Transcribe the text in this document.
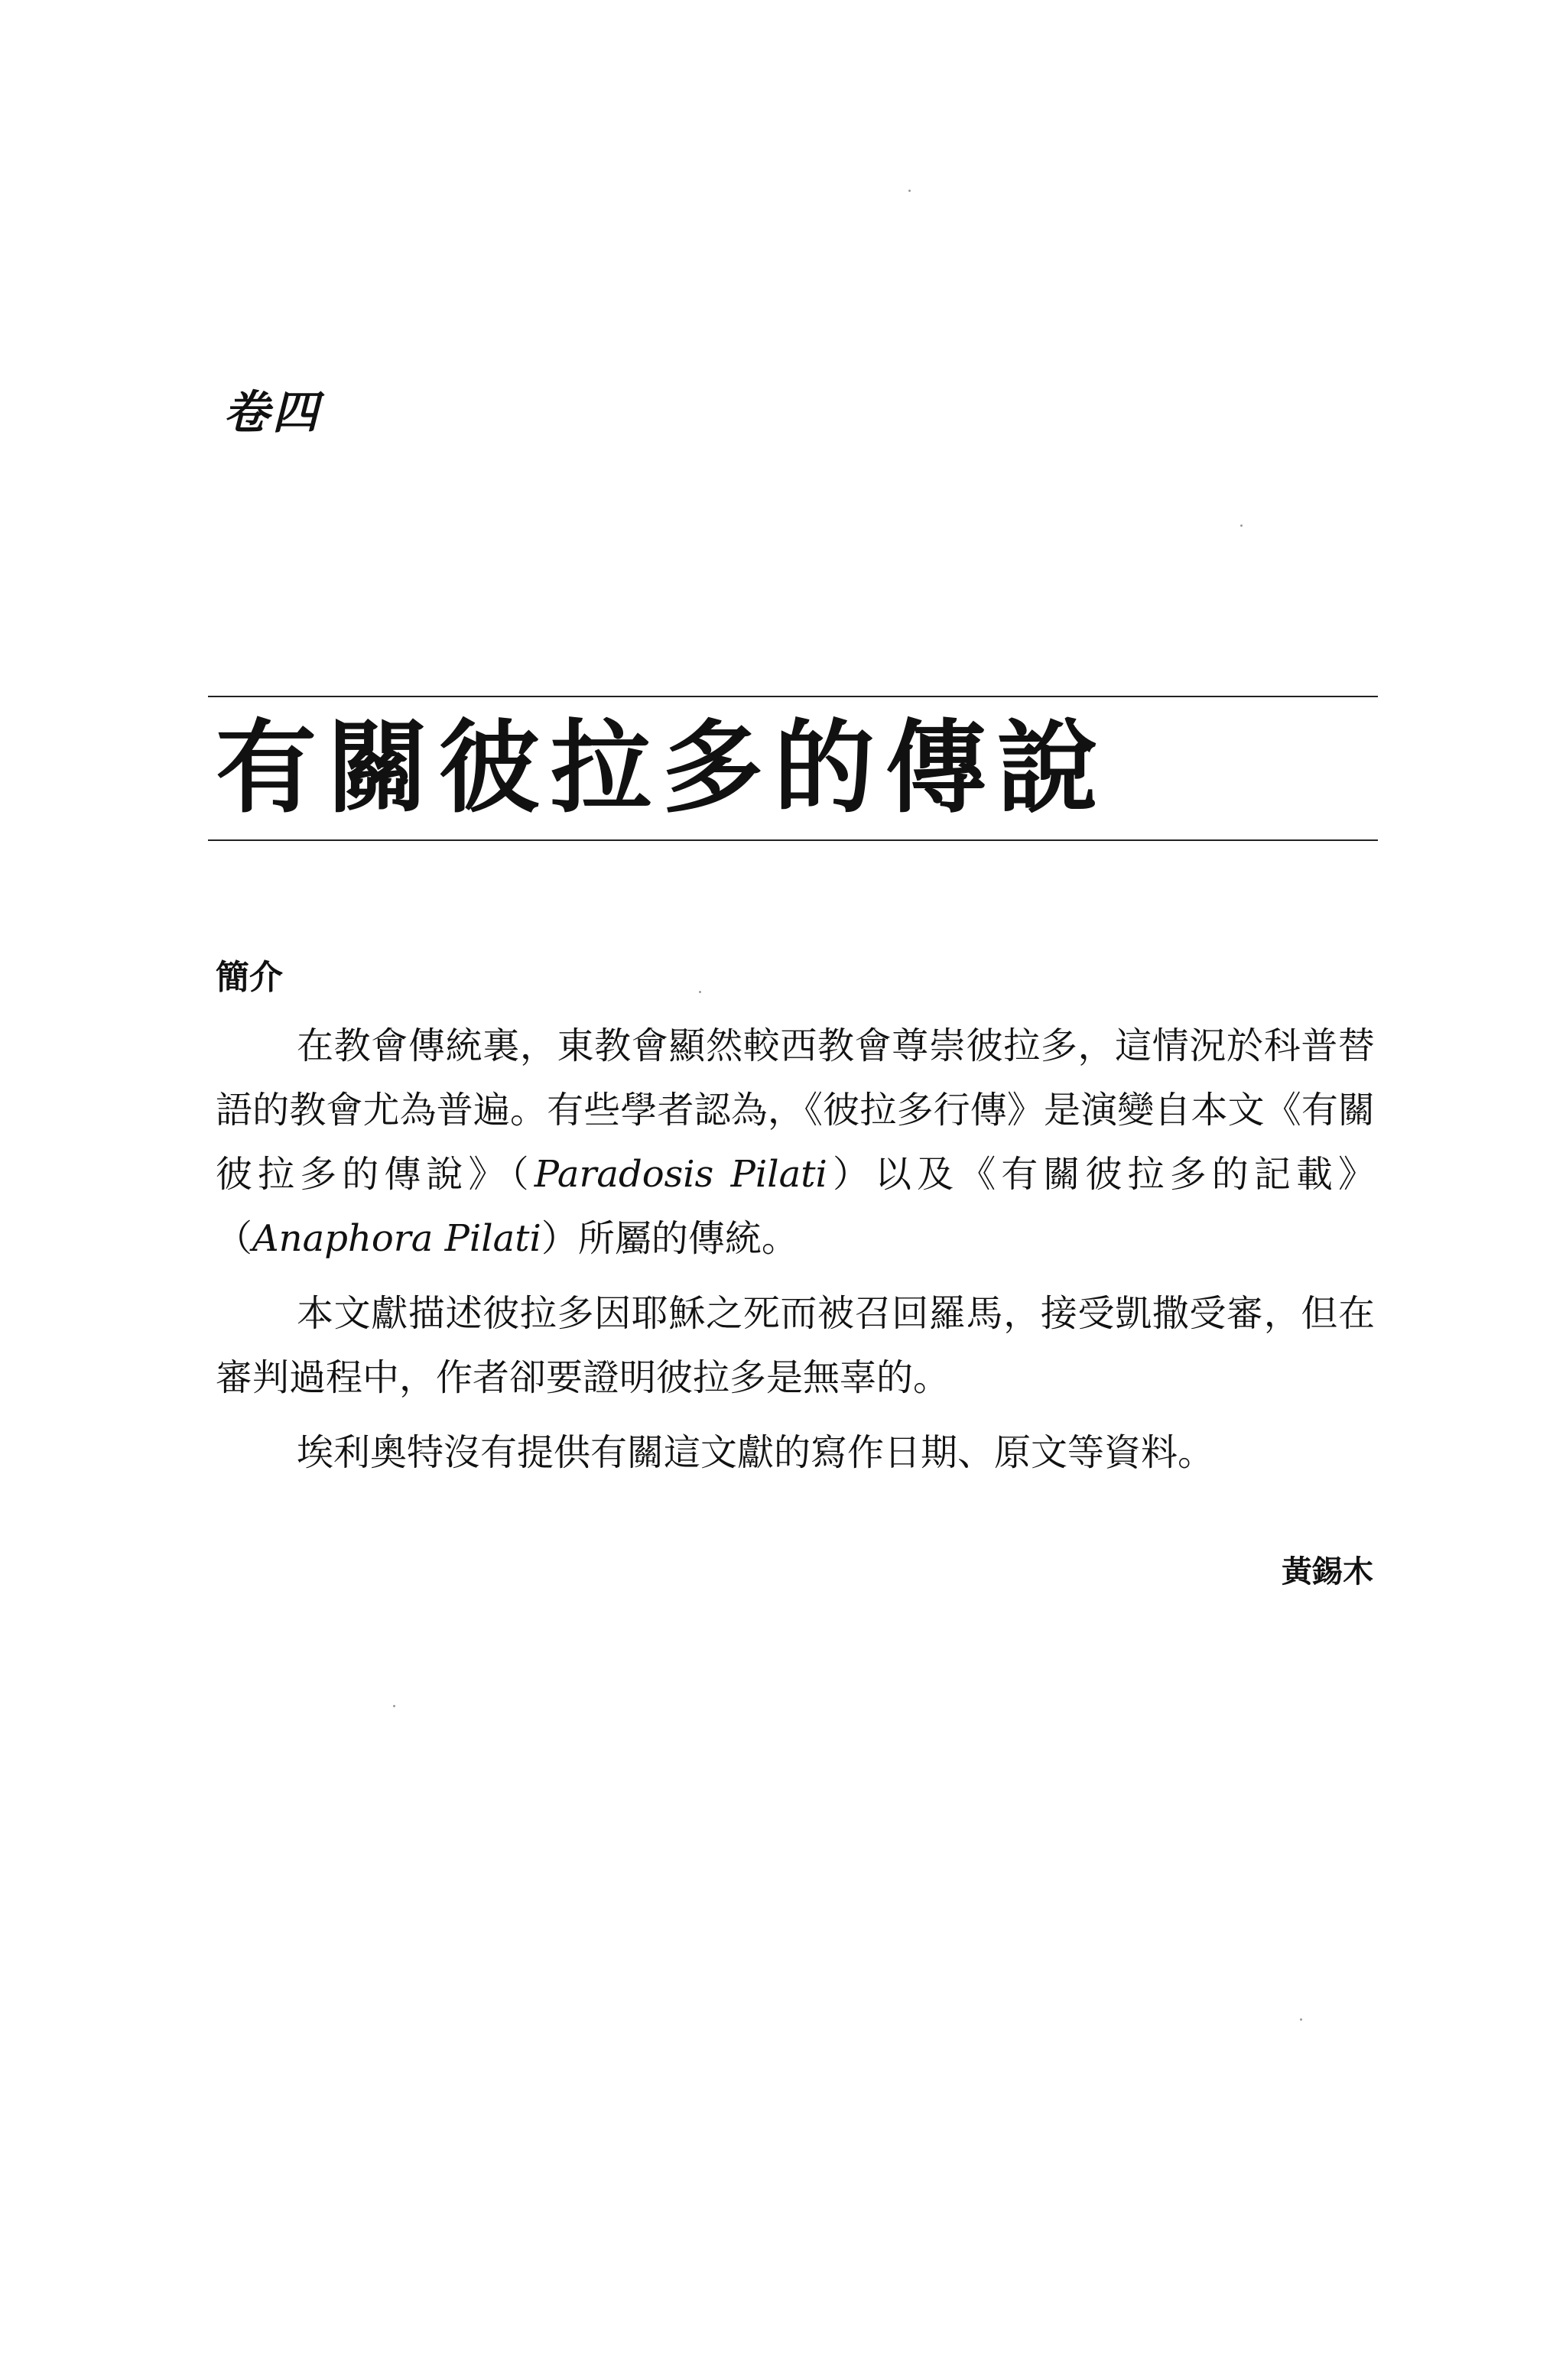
卷四
有關彼拉多的傳說
簡介

在教會傳統裏，東教會顯然較西教會尊崇彼拉多，這情況於科普替語的教會尤為普遍。有些學者認為，《彼拉多行傳》是演變自本文《有關彼拉多的傳說》（Paradosis Pilati）以及《有關彼拉多的記載》（Anaphora Pilati）所屬的傳統。

本文獻描述彼拉多因耶穌之死而被召回羅馬，接受凱撒受審，但在審判過程中，作者卻要證明彼拉多是無辜的。

埃利奧特沒有提供有關這文獻的寫作日期、原文等資料。

黃錫木
